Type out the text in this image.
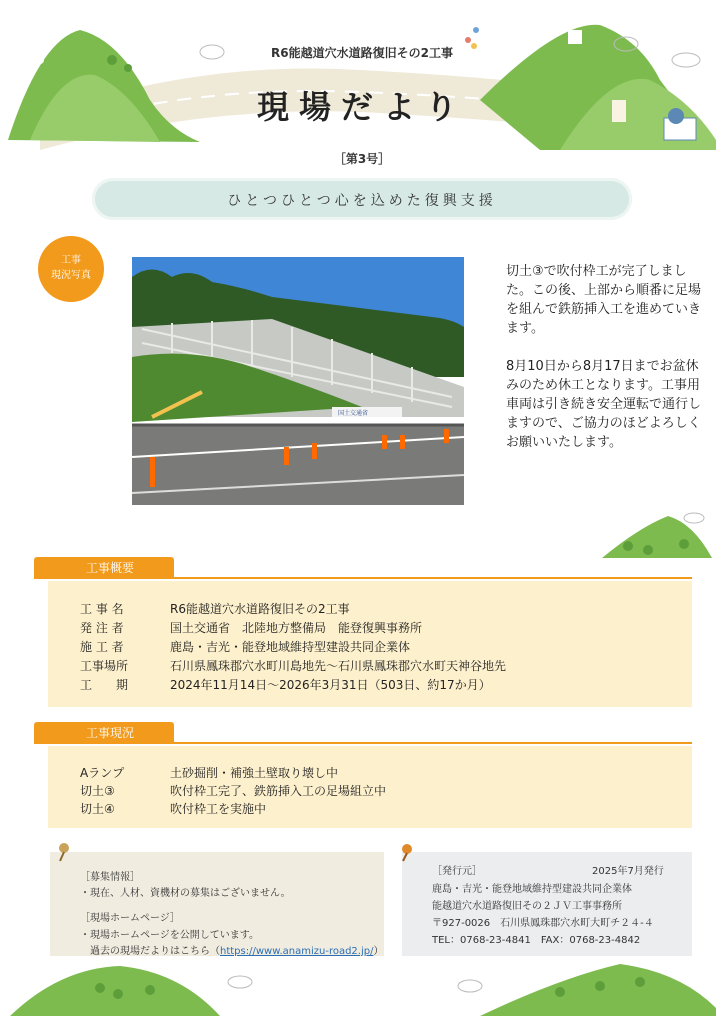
R6能越道穴水道路復旧その2工事
現場だより
［第3号］
ひとつひとつ心を込めた復興支援
工事
現況写真
国土交通省

切土③で吹付枠工が完了しました。この後、上部から順番に足場を組んで鉄筋挿入工を進めていきます。

8月10日から8月17日までお盆休みのため休工となります。工事用車両は引き続き安全運転で通行しますので、ご協力のほどよろしくお願いいたします。

工事概要
工 事 名	R6能越道穴水道路復旧その2工事
発 注 者	国土交通省　北陸地方整備局　能登復興事務所
施 工 者	鹿島・吉光・能登地域維持型建設共同企業体
工事場所	石川県鳳珠郡穴水町川島地先～石川県鳳珠郡穴水町天神谷地先
工　　期	2024年11月14日～2026年3月31日（503日、約17か月）
工事現況
Aランプ	土砂掘削・補強土壁取り壊し中
切土③	吹付枠工完了、鉄筋挿入工の足場組立中
切土④	吹付枠工を実施中
［募集情報］
・現在、人材、資機材の募集はございません。
［現場ホームページ］
・現場ホームページを公開しています。
過去の現場だよりはこちら（https://www.anamizu-road2.jp/）
［発行元］	2025年7月発行
鹿島・吉光・能登地域維持型建設共同企業体
能越道穴水道路復旧その２ＪＶ工事事務所
〒927-0026　石川県鳳珠郡穴水町大町チ２４-４
TEL：0768-23-4841　FAX：0768-23-4842
